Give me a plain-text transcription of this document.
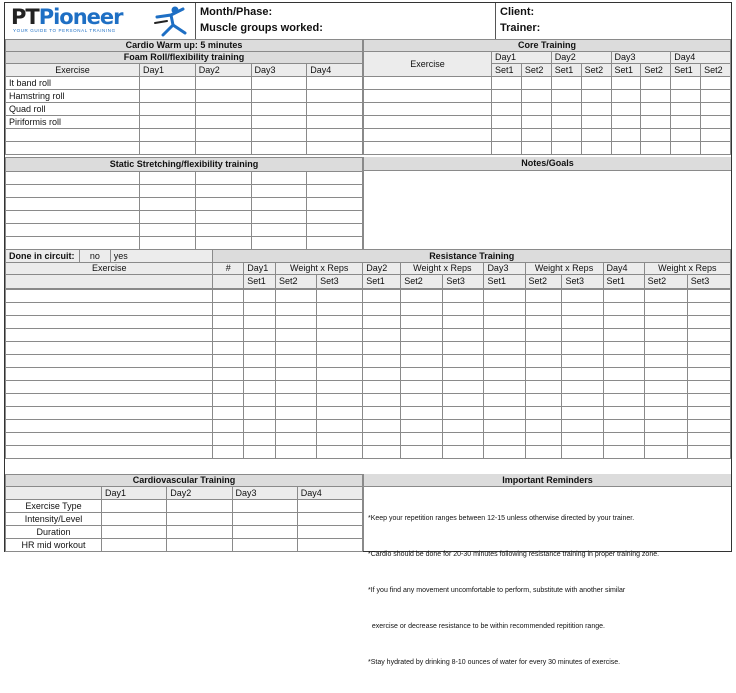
PTPioneer
YOUR GUIDE TO PERSONAL TRAINING
Month/Phase:
Muscle groups worked:
Client:
Trainer:
Cardio Warm up: 5 minutes				
Foam Roll/flexibility training				
Exercise	Day1	Day2	Day3	Day4
It band roll				
Hamstring roll				
Quad roll				
Piriformis roll				

Core Training								
Exercise	Day1		Day2		Day3		Day4	
	Set1	Set2	Set1	Set2	Set1	Set2	Set1	Set2

Static Stretching/flexibility training				

					Notes/Goals
Done in circuit:	no	yes	Resistance Training												
Exercise			#	Day1	Weight x Reps		Day2	Weight x Reps		Day3	Weight x Reps		Day4	Weight x Reps	
				Set1	Set2	Set3	Set1	Set2	Set3	Set1	Set2	Set3	Set1	Set2	Set3

Cardiovascular Training				
	Day1	Day2	Day3	Day4
Exercise Type				
Intensity/Level				
Duration				
HR mid workout				
Important Reminders

*Keep your repetition ranges between 12-15 unless otherwise directed by your trainer.

*Cardio should be done for 20-30 minutes following resistance training in proper training zone.

*If you find any movement uncomfortable to perform, substitute with another similar

exercise or decrease resistance to be within recommended repitition range.

*Stay hydrated by drinking 8-10 ounces of water for every 30 minutes of exercise.
